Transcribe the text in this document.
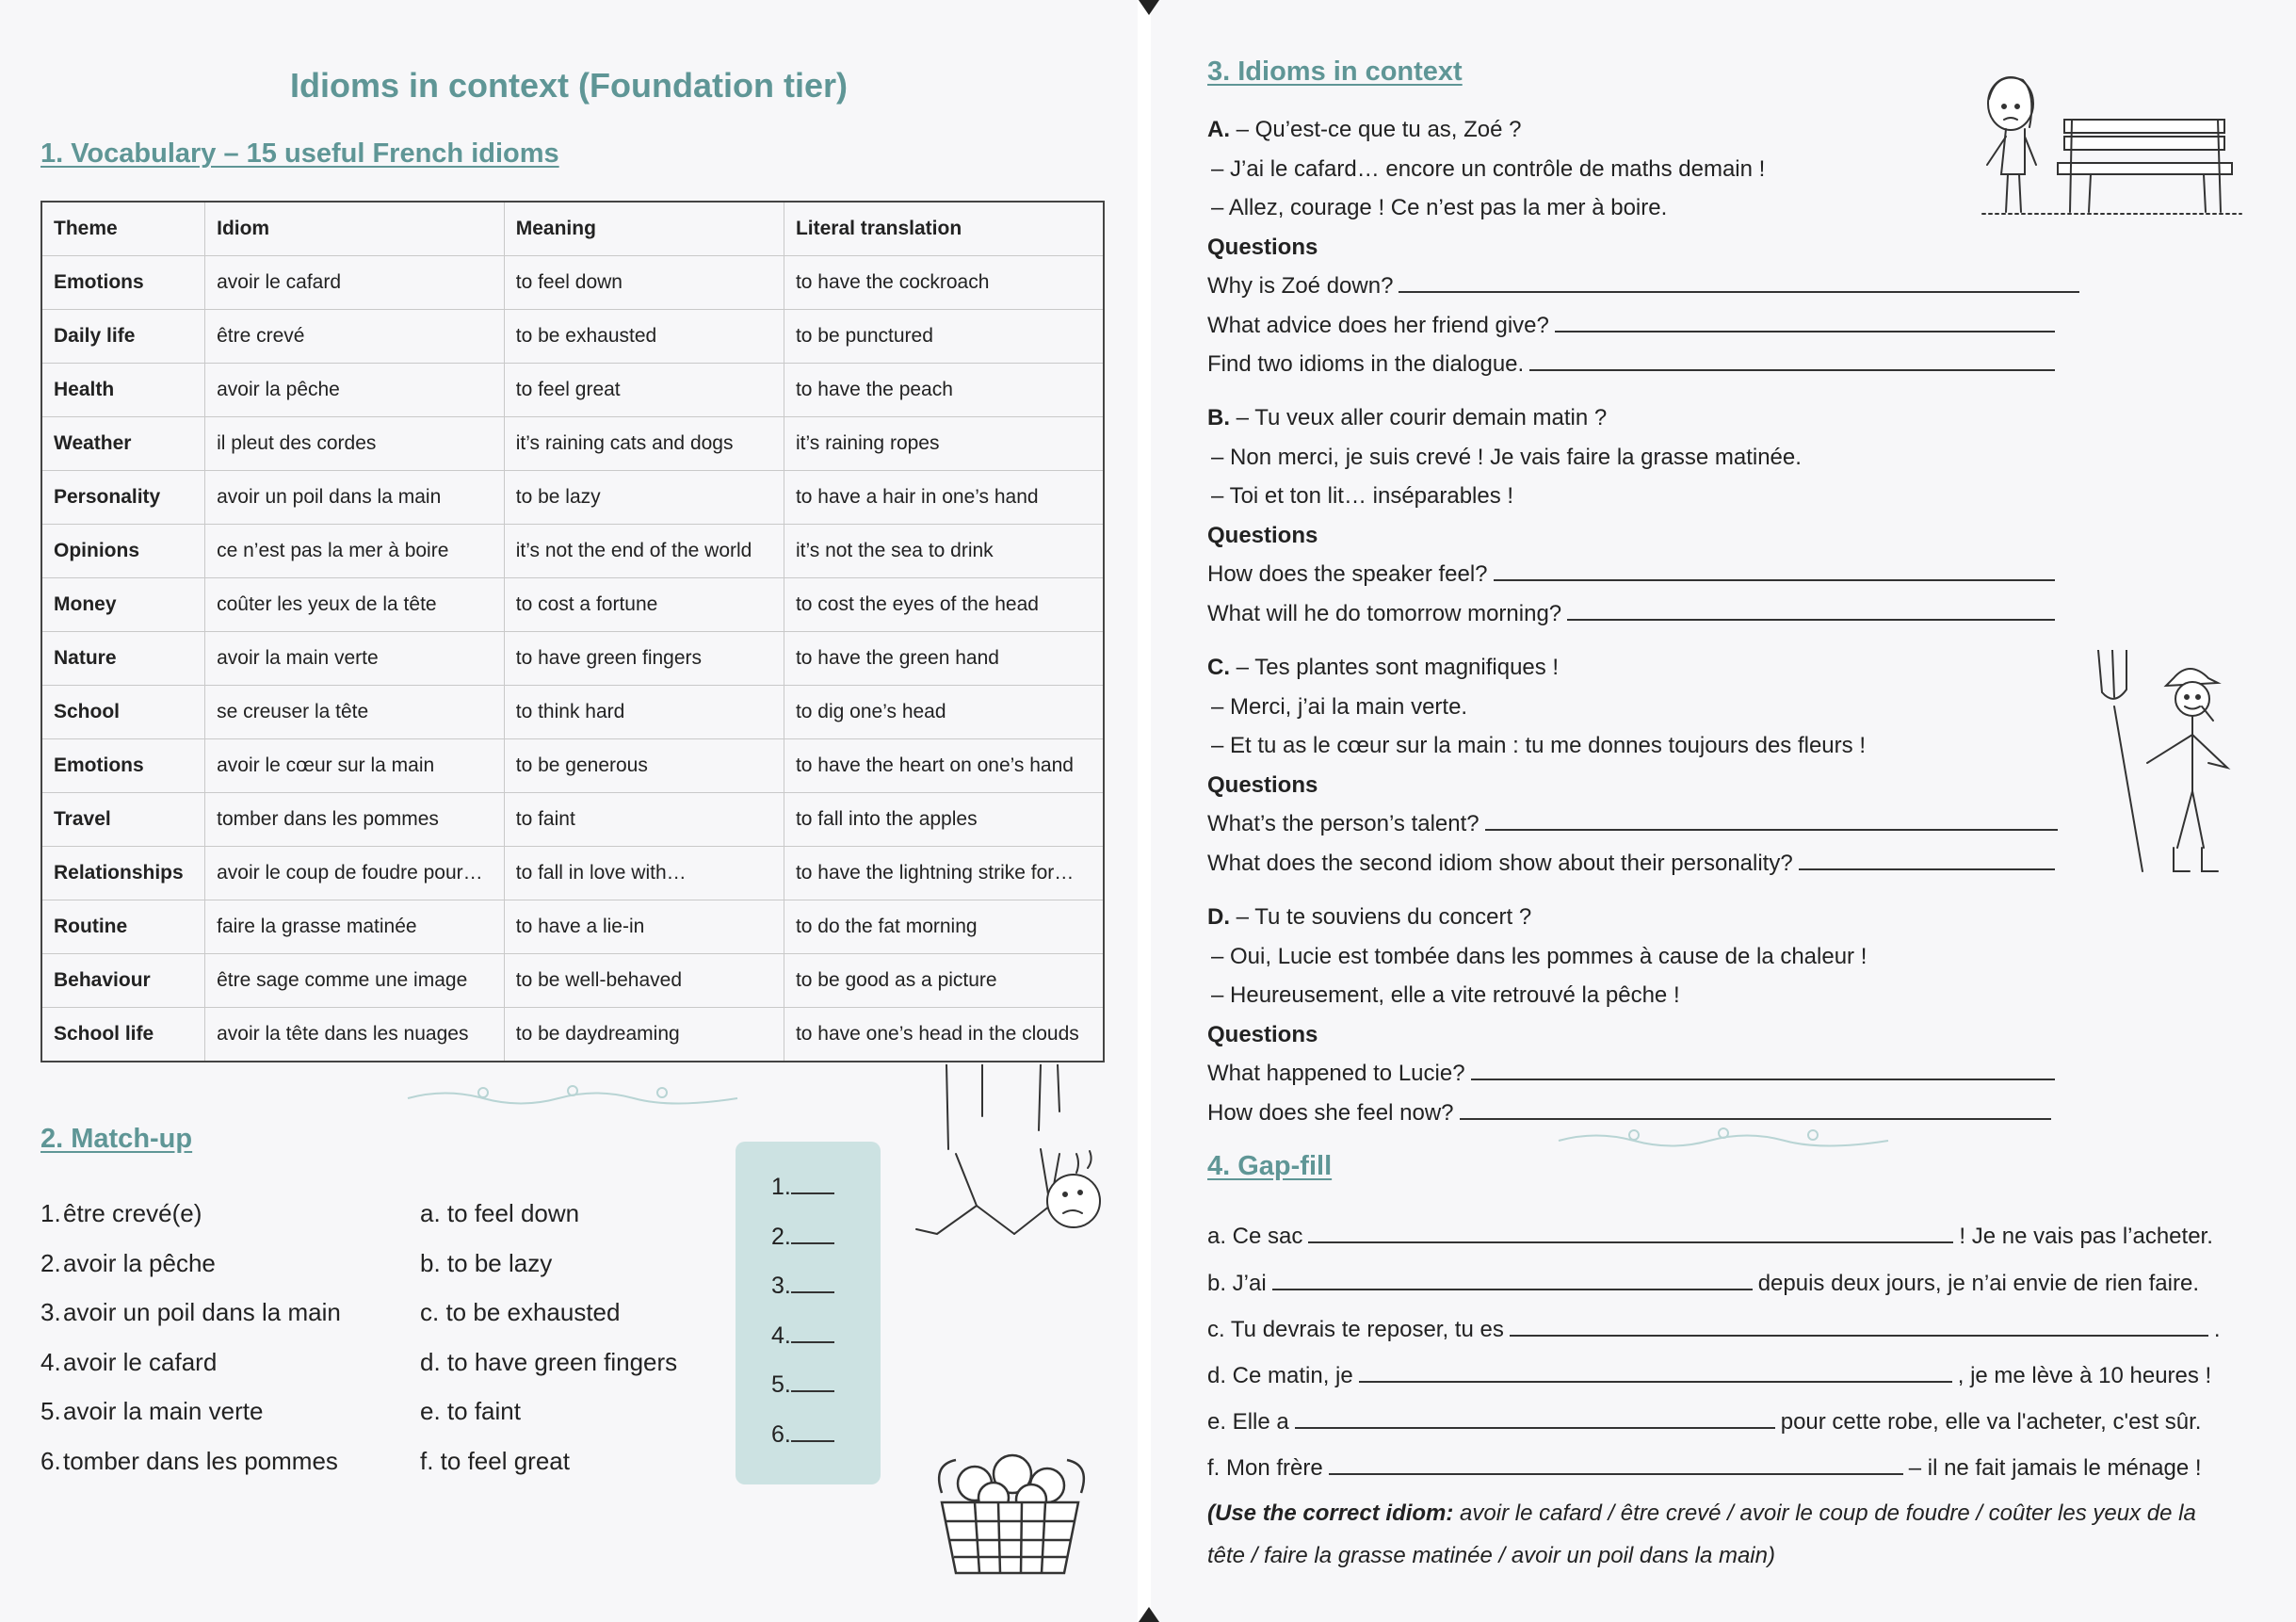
Idioms in context (Foundation tier)
1. Vocabulary – 15 useful French idioms
Theme	Idiom	Meaning	Literal translation
Emotions	avoir le cafard	to feel down	to have the cockroach
Daily life	être crevé	to be exhausted	to be punctured
Health	avoir la pêche	to feel great	to have the peach
Weather	il pleut des cordes	it’s raining cats and dogs	it’s raining ropes
Personality	avoir un poil dans la main	to be lazy	to have a hair in one’s hand
Opinions	ce n’est pas la mer à boire	it’s not the end of the world	it’s not the sea to drink
Money	coûter les yeux de la tête	to cost a fortune	to cost the eyes of the head
Nature	avoir la main verte	to have green fingers	to have the green hand
School	se creuser la tête	to think hard	to dig one’s head
Emotions	avoir le cœur sur la main	to be generous	to have the heart on one’s hand
Travel	tomber dans les pommes	to faint	to fall into the apples
Relationships	avoir le coup de foudre pour…	to fall in love with…	to have the lightning strike for…
Routine	faire la grasse matinée	to have a lie-in	to do the fat morning
Behaviour	être sage comme une image	to be well-behaved	to be good as a picture
School life	avoir la tête dans les nuages	to be daydreaming	to have one’s head in the clouds
2. Match-up
1.être crevé(e)
2.avoir la pêche
3.avoir un poil dans la main
4.avoir le cafard
5.avoir la main verte
6.tomber dans les pommes
a. to feel down
b. to be lazy
c. to be exhausted
d. to have green fingers
e. to faint
f. to feel great
1.
2.
3.
4.
5.
6.
3. Idioms in context
A. – Qu’est-ce que tu as, Zoé ?
– J’ai le cafard… encore un contrôle de maths demain !
– Allez, courage ! Ce n’est pas la mer à boire.
Questions
Why is Zoé down?
What advice does her friend give?
Find two idioms in the dialogue.
B. – Tu veux aller courir demain matin ?
– Non merci, je suis crevé ! Je vais faire la grasse matinée.
– Toi et ton lit… inséparables !
Questions
How does the speaker feel?
What will he do tomorrow morning?
C. – Tes plantes sont magnifiques !
– Merci, j’ai la main verte.
– Et tu as le cœur sur la main : tu me donnes toujours des fleurs !
Questions
What’s the person’s talent?
What does the second idiom show about their personality?
D. – Tu te souviens du concert ?
– Oui, Lucie est tombée dans les pommes à cause de la chaleur !
– Heureusement, elle a vite retrouvé la pêche !
Questions
What happened to Lucie?
How does she feel now?
4. Gap-fill
a. Ce sac	! Je ne vais pas l’acheter.
b. J’ai	depuis deux jours, je n’ai envie de rien faire.
c. Tu devrais te reposer, tu es	.
d. Ce matin, je	, je me lève à 10 heures !
e. Elle a	pour cette robe, elle va l'acheter, c'est sûr.
f. Mon frère	– il ne fait jamais le ménage !
(Use the correct idiom: avoir le cafard / être crevé / avoir le coup de foudre / coûter les yeux de la tête / faire la grasse matinée / avoir un poil dans la main)
